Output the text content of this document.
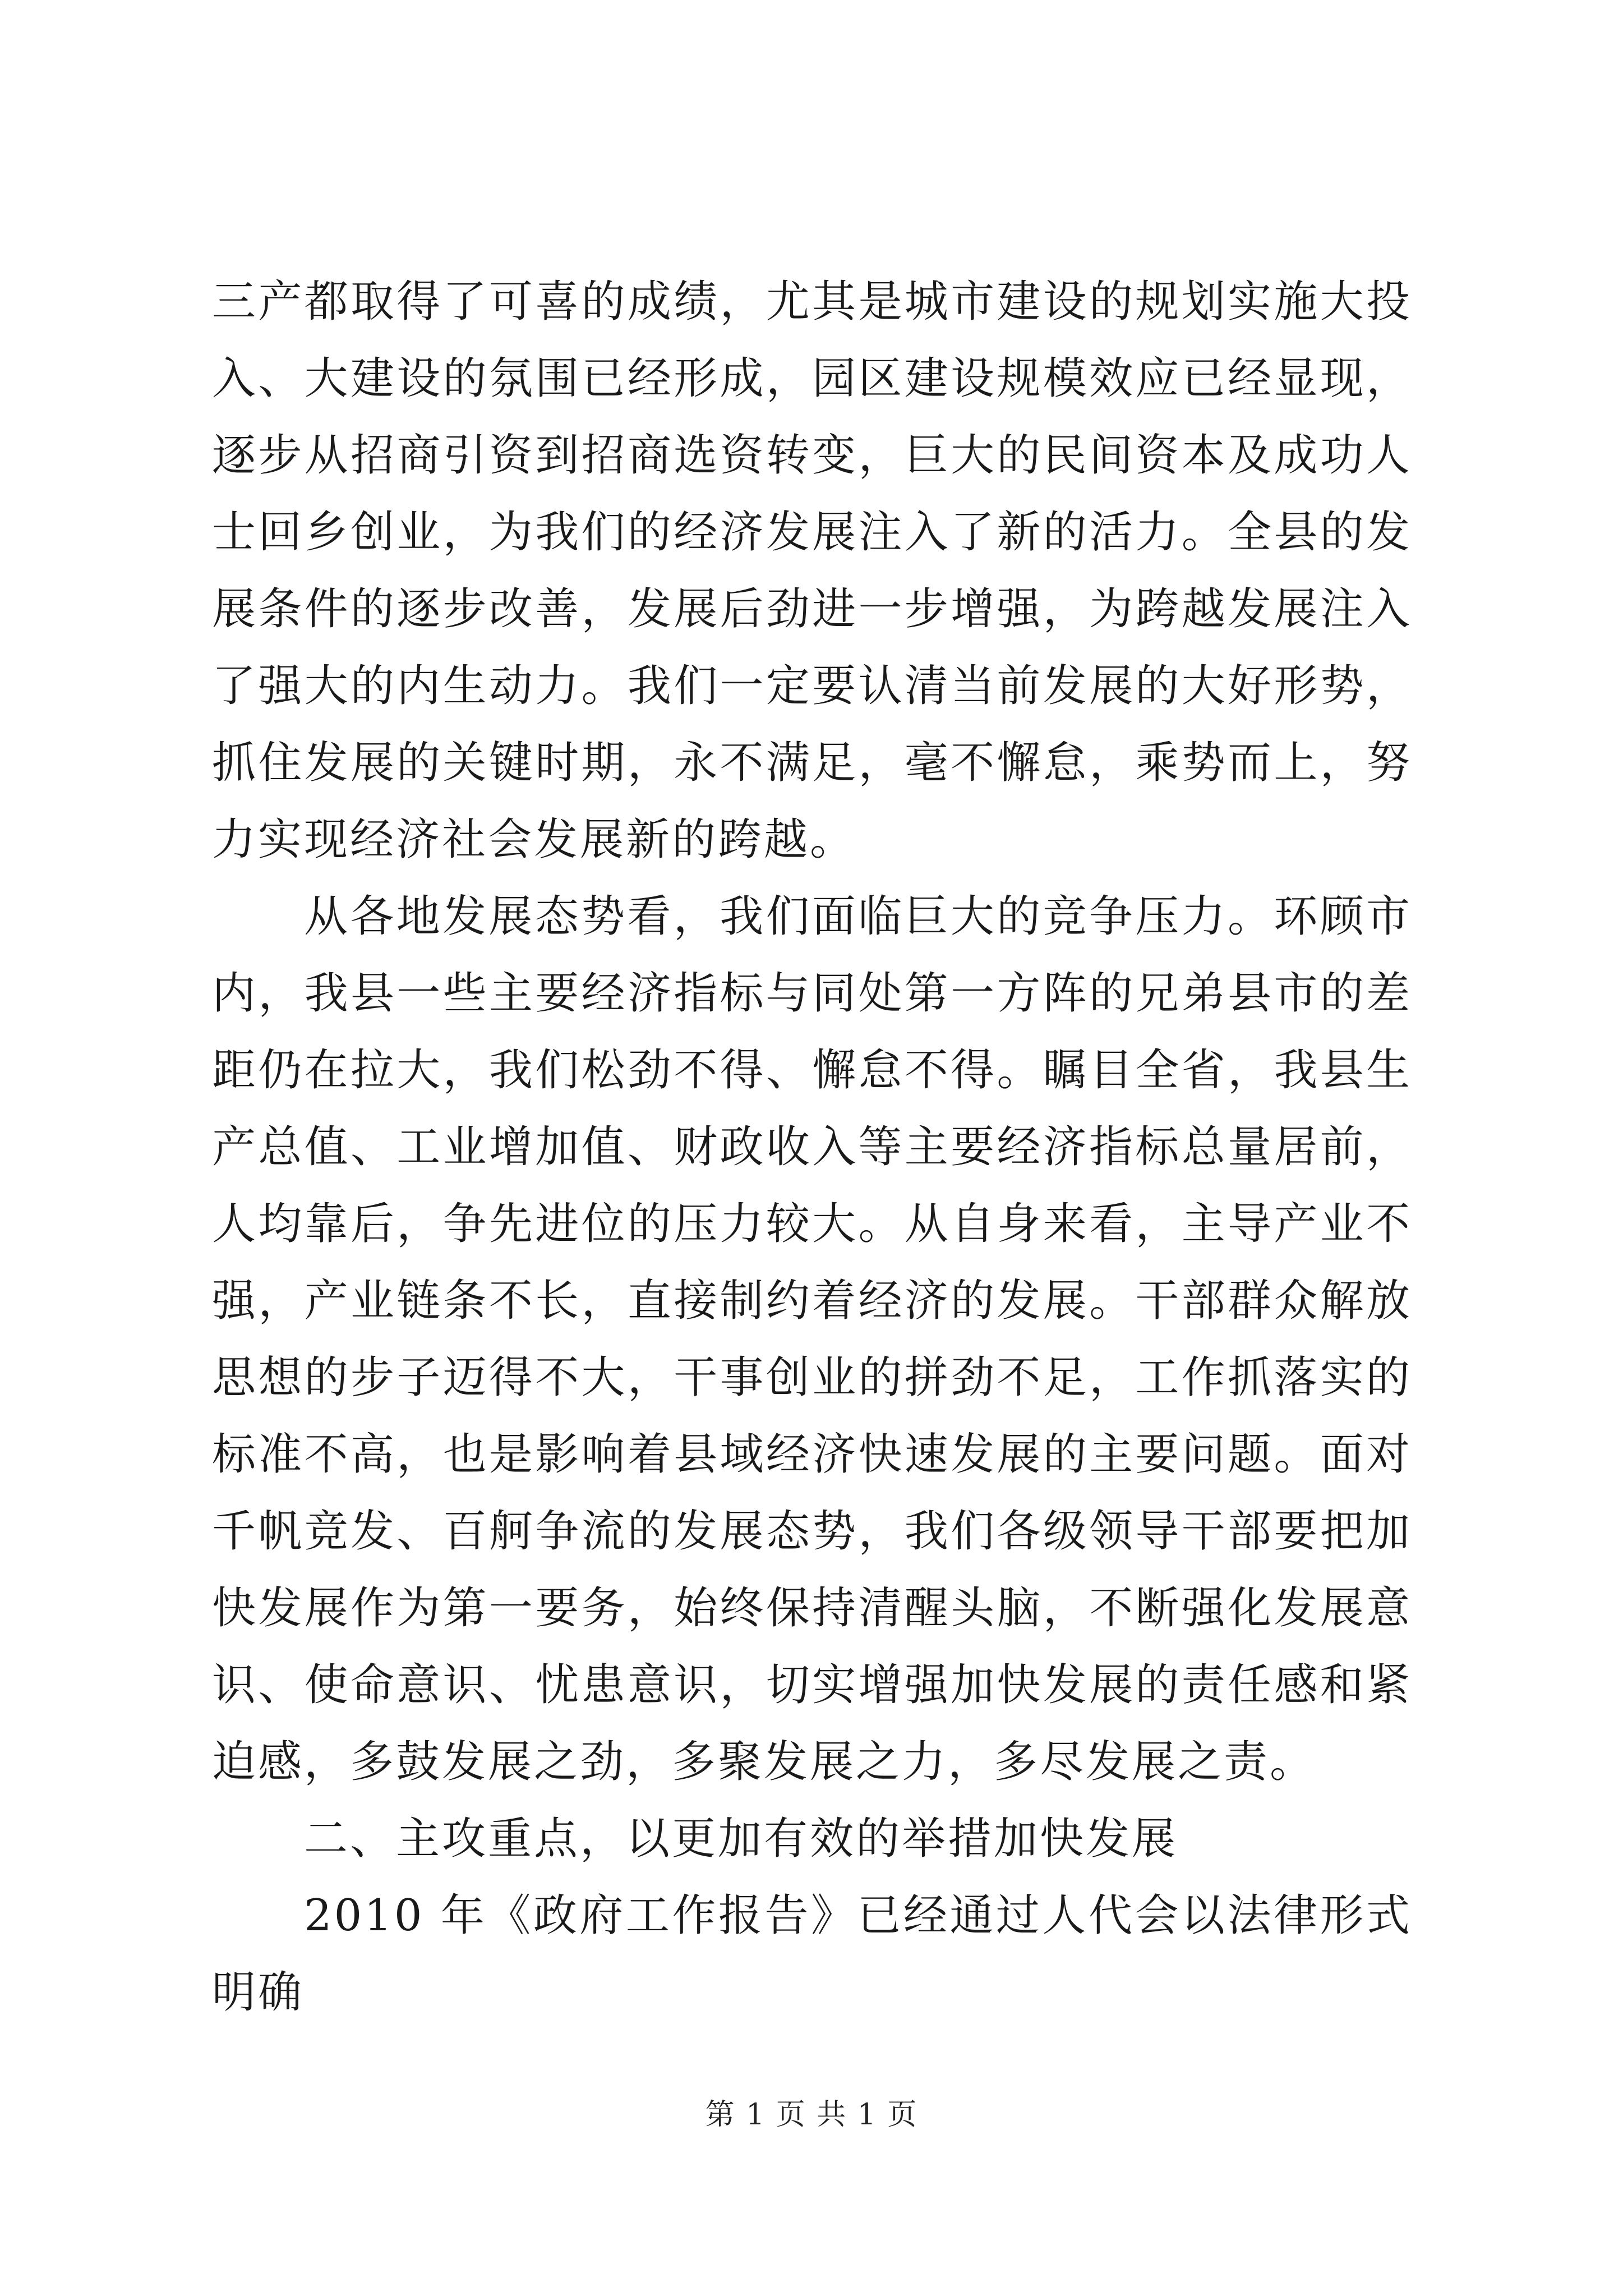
三产都取得了可喜的成绩，尤其是城市建设的规划实施大投入、大建设的氛围已经形成，园区建设规模效应已经显现，逐步从招商引资到招商选资转变，巨大的民间资本及成功人士回乡创业，为我们的经济发展注入了新的活力。全县的发展条件的逐步改善，发展后劲进一步增强，为跨越发展注入了强大的内生动力。我们一定要认清当前发展的大好形势，抓住发展的关键时期，永不满足，毫不懈怠，乘势而上，努力实现经济社会发展新的跨越。

从各地发展态势看，我们面临巨大的竞争压力。环顾市内，我县一些主要经济指标与同处第一方阵的兄弟县市的差距仍在拉大，我们松劲不得、懈怠不得。瞩目全省，我县生产总值、工业增加值、财政收入等主要经济指标总量居前，人均靠后，争先进位的压力较大。从自身来看，主导产业不强，产业链条不长，直接制约着经济的发展。干部群众解放思想的步子迈得不大，干事创业的拼劲不足，工作抓落实的标准不高，也是影响着县域经济快速发展的主要问题。面对千帆竞发、百舸争流的发展态势，我们各级领导干部要把加快发展作为第一要务，始终保持清醒头脑，不断强化发展意识、使命意识、忧患意识，切实增强加快发展的责任感和紧迫感，多鼓发展之劲，多聚发展之力，多尽发展之责。

二、主攻重点，以更加有效的举措加快发展

2010 年《政府工作报告》已经通过人代会以法律形式明确

第 1 页 共 1 页
